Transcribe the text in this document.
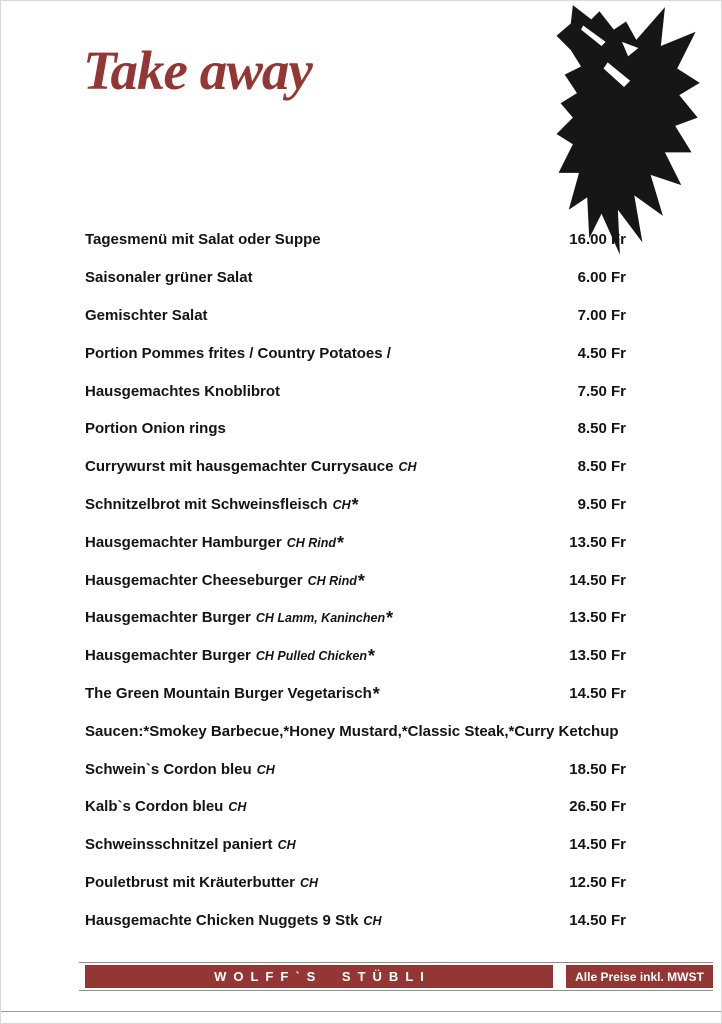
Take away
Tagesmenü mit Salat oder Suppe	16.00 Fr
Saisonaler grüner Salat	6.00 Fr
Gemischter Salat	7.00 Fr
Portion Pommes frites / Country Potatoes /	4.50 Fr
Hausgemachtes Knoblibrot	7.50 Fr
Portion Onion rings	8.50 Fr
Currywurst mit hausgemachter Currysauce CH	8.50 Fr
Schnitzelbrot mit Schweinsfleisch CH *	9.50 Fr
Hausgemachter Hamburger CH Rind *	13.50 Fr
Hausgemachter Cheeseburger CH Rind *	14.50 Fr
Hausgemachter Burger CH Lamm, Kaninchen *	13.50 Fr
Hausgemachter Burger CH Pulled Chicken *	13.50 Fr
The Green Mountain Burger Vegetarisch *	14.50 Fr
Saucen:*Smokey Barbecue,*Honey Mustard,*Classic Steak,*Curry Ketchup
Schwein`s Cordon bleu CH	18.50 Fr
Kalb`s Cordon bleu CH	26.50 Fr
Schweinsschnitzel paniert CH	14.50 Fr
Pouletbrust mit Kräuterbutter CH	12.50 Fr
Hausgemachte Chicken Nuggets 9 Stk CH	14.50 Fr
WOLFF`S STÜBLI	Alle Preise inkl. MWST
